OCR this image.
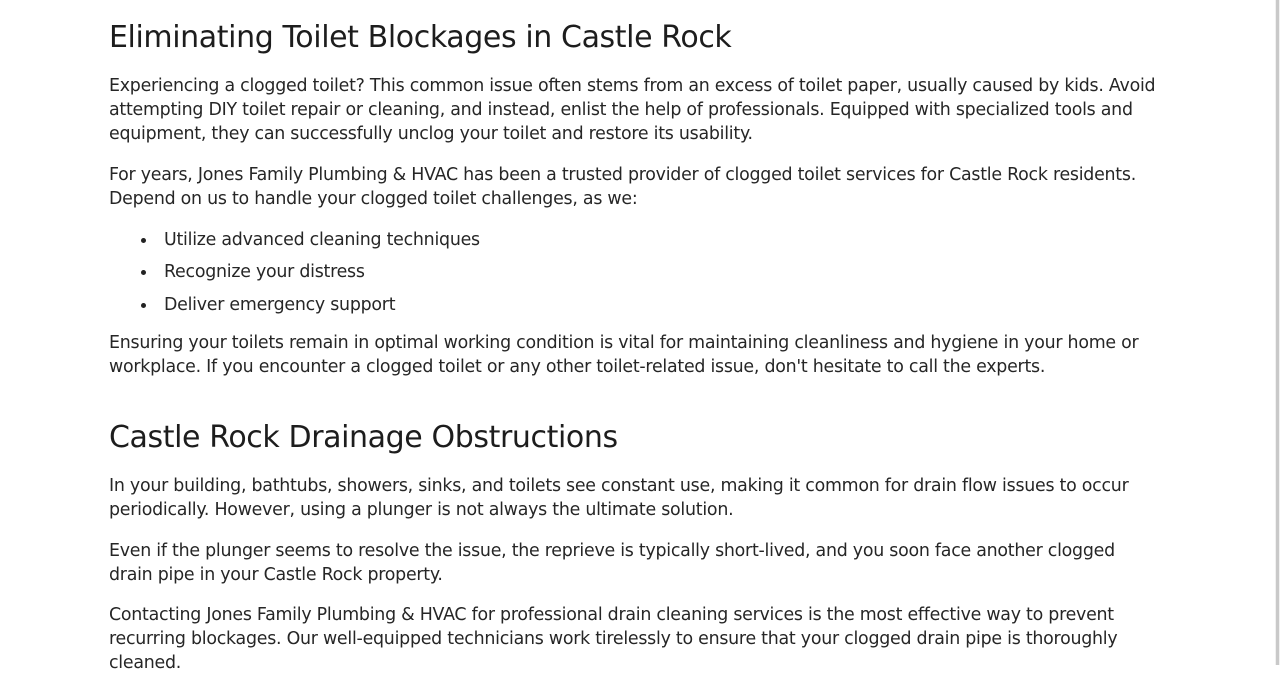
Eliminating Toilet Blockages in Castle Rock

Experiencing a clogged toilet? This common issue often stems from an excess of toilet paper, usually caused by kids. Avoid attempting DIY toilet repair or cleaning, and instead, enlist the help of professionals. Equipped with specialized tools and equipment, they can successfully unclog your toilet and restore its usability.

For years, Jones Family Plumbing & HVAC has been a trusted provider of clogged toilet services for Castle Rock residents. Depend on us to handle your clogged toilet challenges, as we:

Utilize advanced cleaning techniques
Recognize your distress
Deliver emergency support

Ensuring your toilets remain in optimal working condition is vital for maintaining cleanliness and hygiene in your home or workplace. If you encounter a clogged toilet or any other toilet-related issue, don't hesitate to call the experts.

Castle Rock Drainage Obstructions

In your building, bathtubs, showers, sinks, and toilets see constant use, making it common for drain flow issues to occur periodically. However, using a plunger is not always the ultimate solution.

Even if the plunger seems to resolve the issue, the reprieve is typically short-lived, and you soon face another clogged drain pipe in your Castle Rock property.

Contacting Jones Family Plumbing & HVAC for professional drain cleaning services is the most effective way to prevent recurring blockages. Our well-equipped technicians work tirelessly to ensure that your clogged drain pipe is thoroughly cleaned.
